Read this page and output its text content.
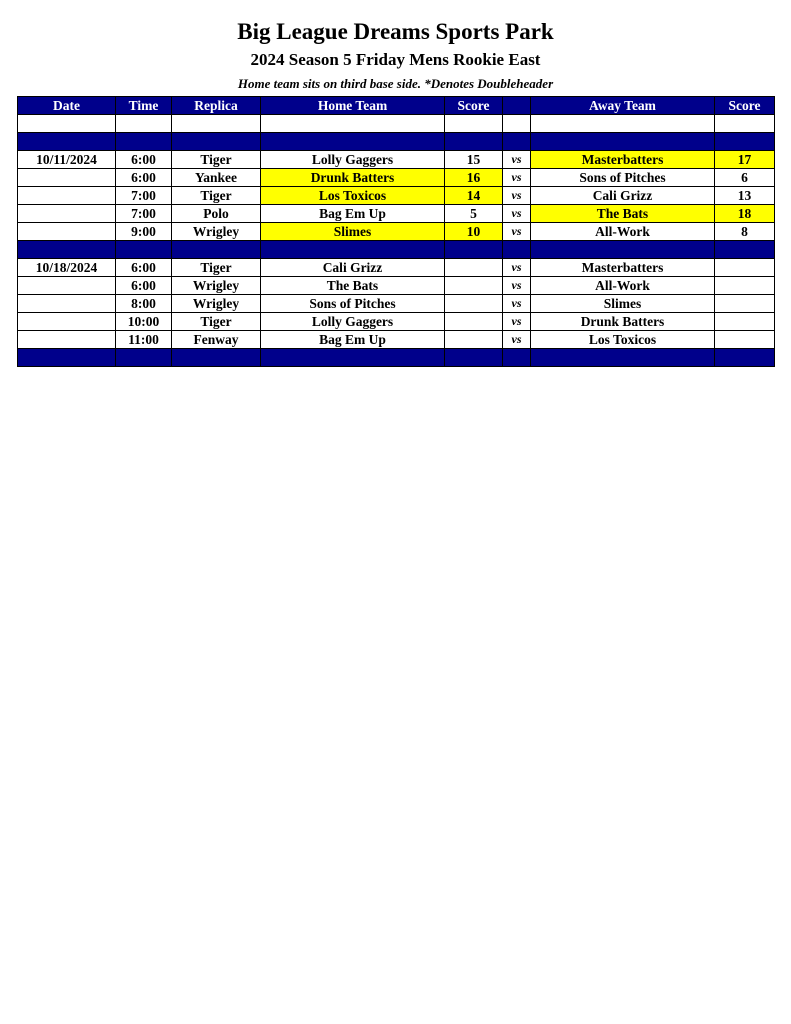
Big League Dreams Sports Park
2024 Season 5 Friday Mens Rookie East
Home team sits on third base side. *Denotes Doubleheader
Date	Time	Replica	Home Team	Score		Away Team	Score

10/11/2024	6:00	Tiger	Lolly Gaggers	15	vs	Masterbatters	17
	6:00	Yankee	Drunk Batters	16	vs	Sons of Pitches	6
	7:00	Tiger	Los Toxicos	14	vs	Cali Grizz	13
	7:00	Polo	Bag Em Up	5	vs	The Bats	18
	9:00	Wrigley	Slimes	10	vs	All-Work	8

10/18/2024	6:00	Tiger	Cali Grizz		vs	Masterbatters	
	6:00	Wrigley	The Bats		vs	All-Work	
	8:00	Wrigley	Sons of Pitches		vs	Slimes	
	10:00	Tiger	Lolly Gaggers		vs	Drunk Batters	
	11:00	Fenway	Bag Em Up		vs	Los Toxicos	
